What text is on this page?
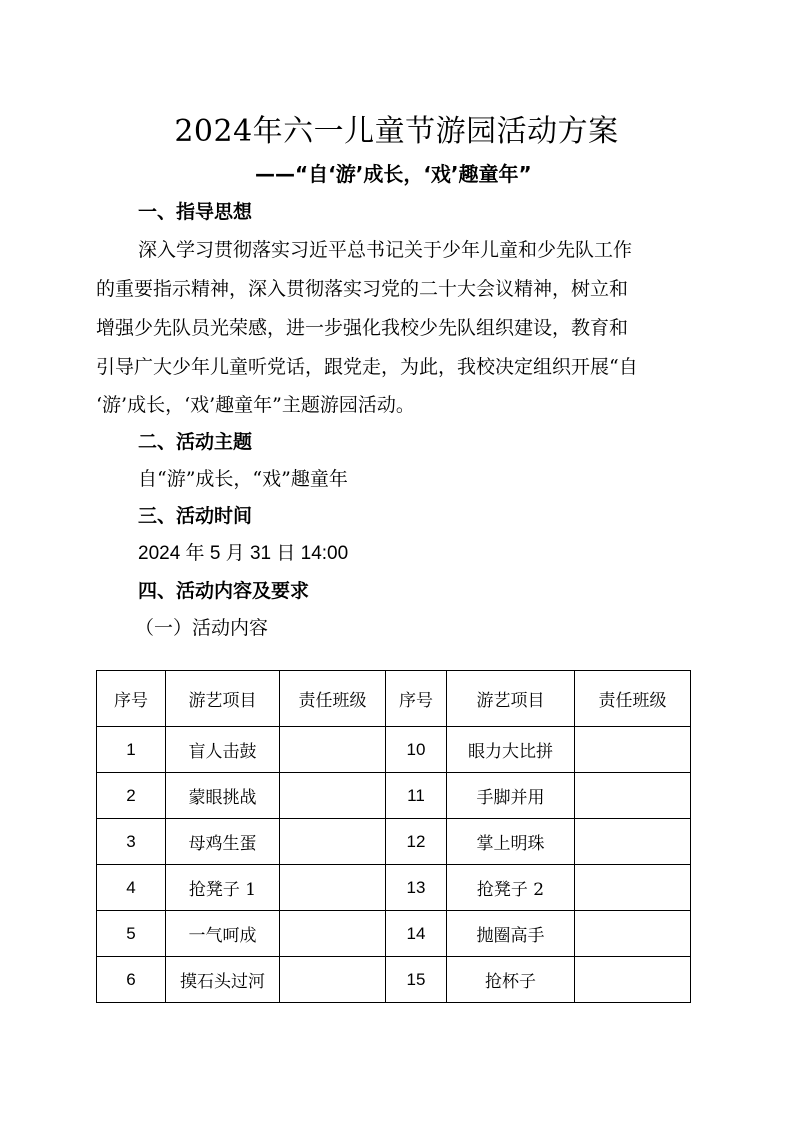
2024年六一儿童节游园活动方案
——“自‘游’成长，‘戏’趣童年”
一、指导思想
深入学习贯彻落实习近平总书记关于少年儿童和少先队工作
的重要指示精神，深入贯彻落实习党的二十大会议精神，树立和
增强少先队员光荣感，进一步强化我校少先队组织建设，教育和
引导广大少年儿童听党话，跟党走，为此，我校决定组织开展“自
‘游’成长，‘戏’趣童年”主题游园活动。
二、活动主题
自“游”成长，“戏”趣童年
三、活动时间
2024 年 5 月 31 日 14:00
四、活动内容及要求
（一）活动内容
序号	游艺项目	责任班级	序号	游艺项目	责任班级
1	盲人击鼓		10	眼力大比拼	
2	蒙眼挑战		11	手脚并用	
3	母鸡生蛋		12	掌上明珠	
4	抢凳子 1		13	抢凳子 2	
5	一气呵成		14	抛圈高手	
6	摸石头过河		15	抢杯子	
